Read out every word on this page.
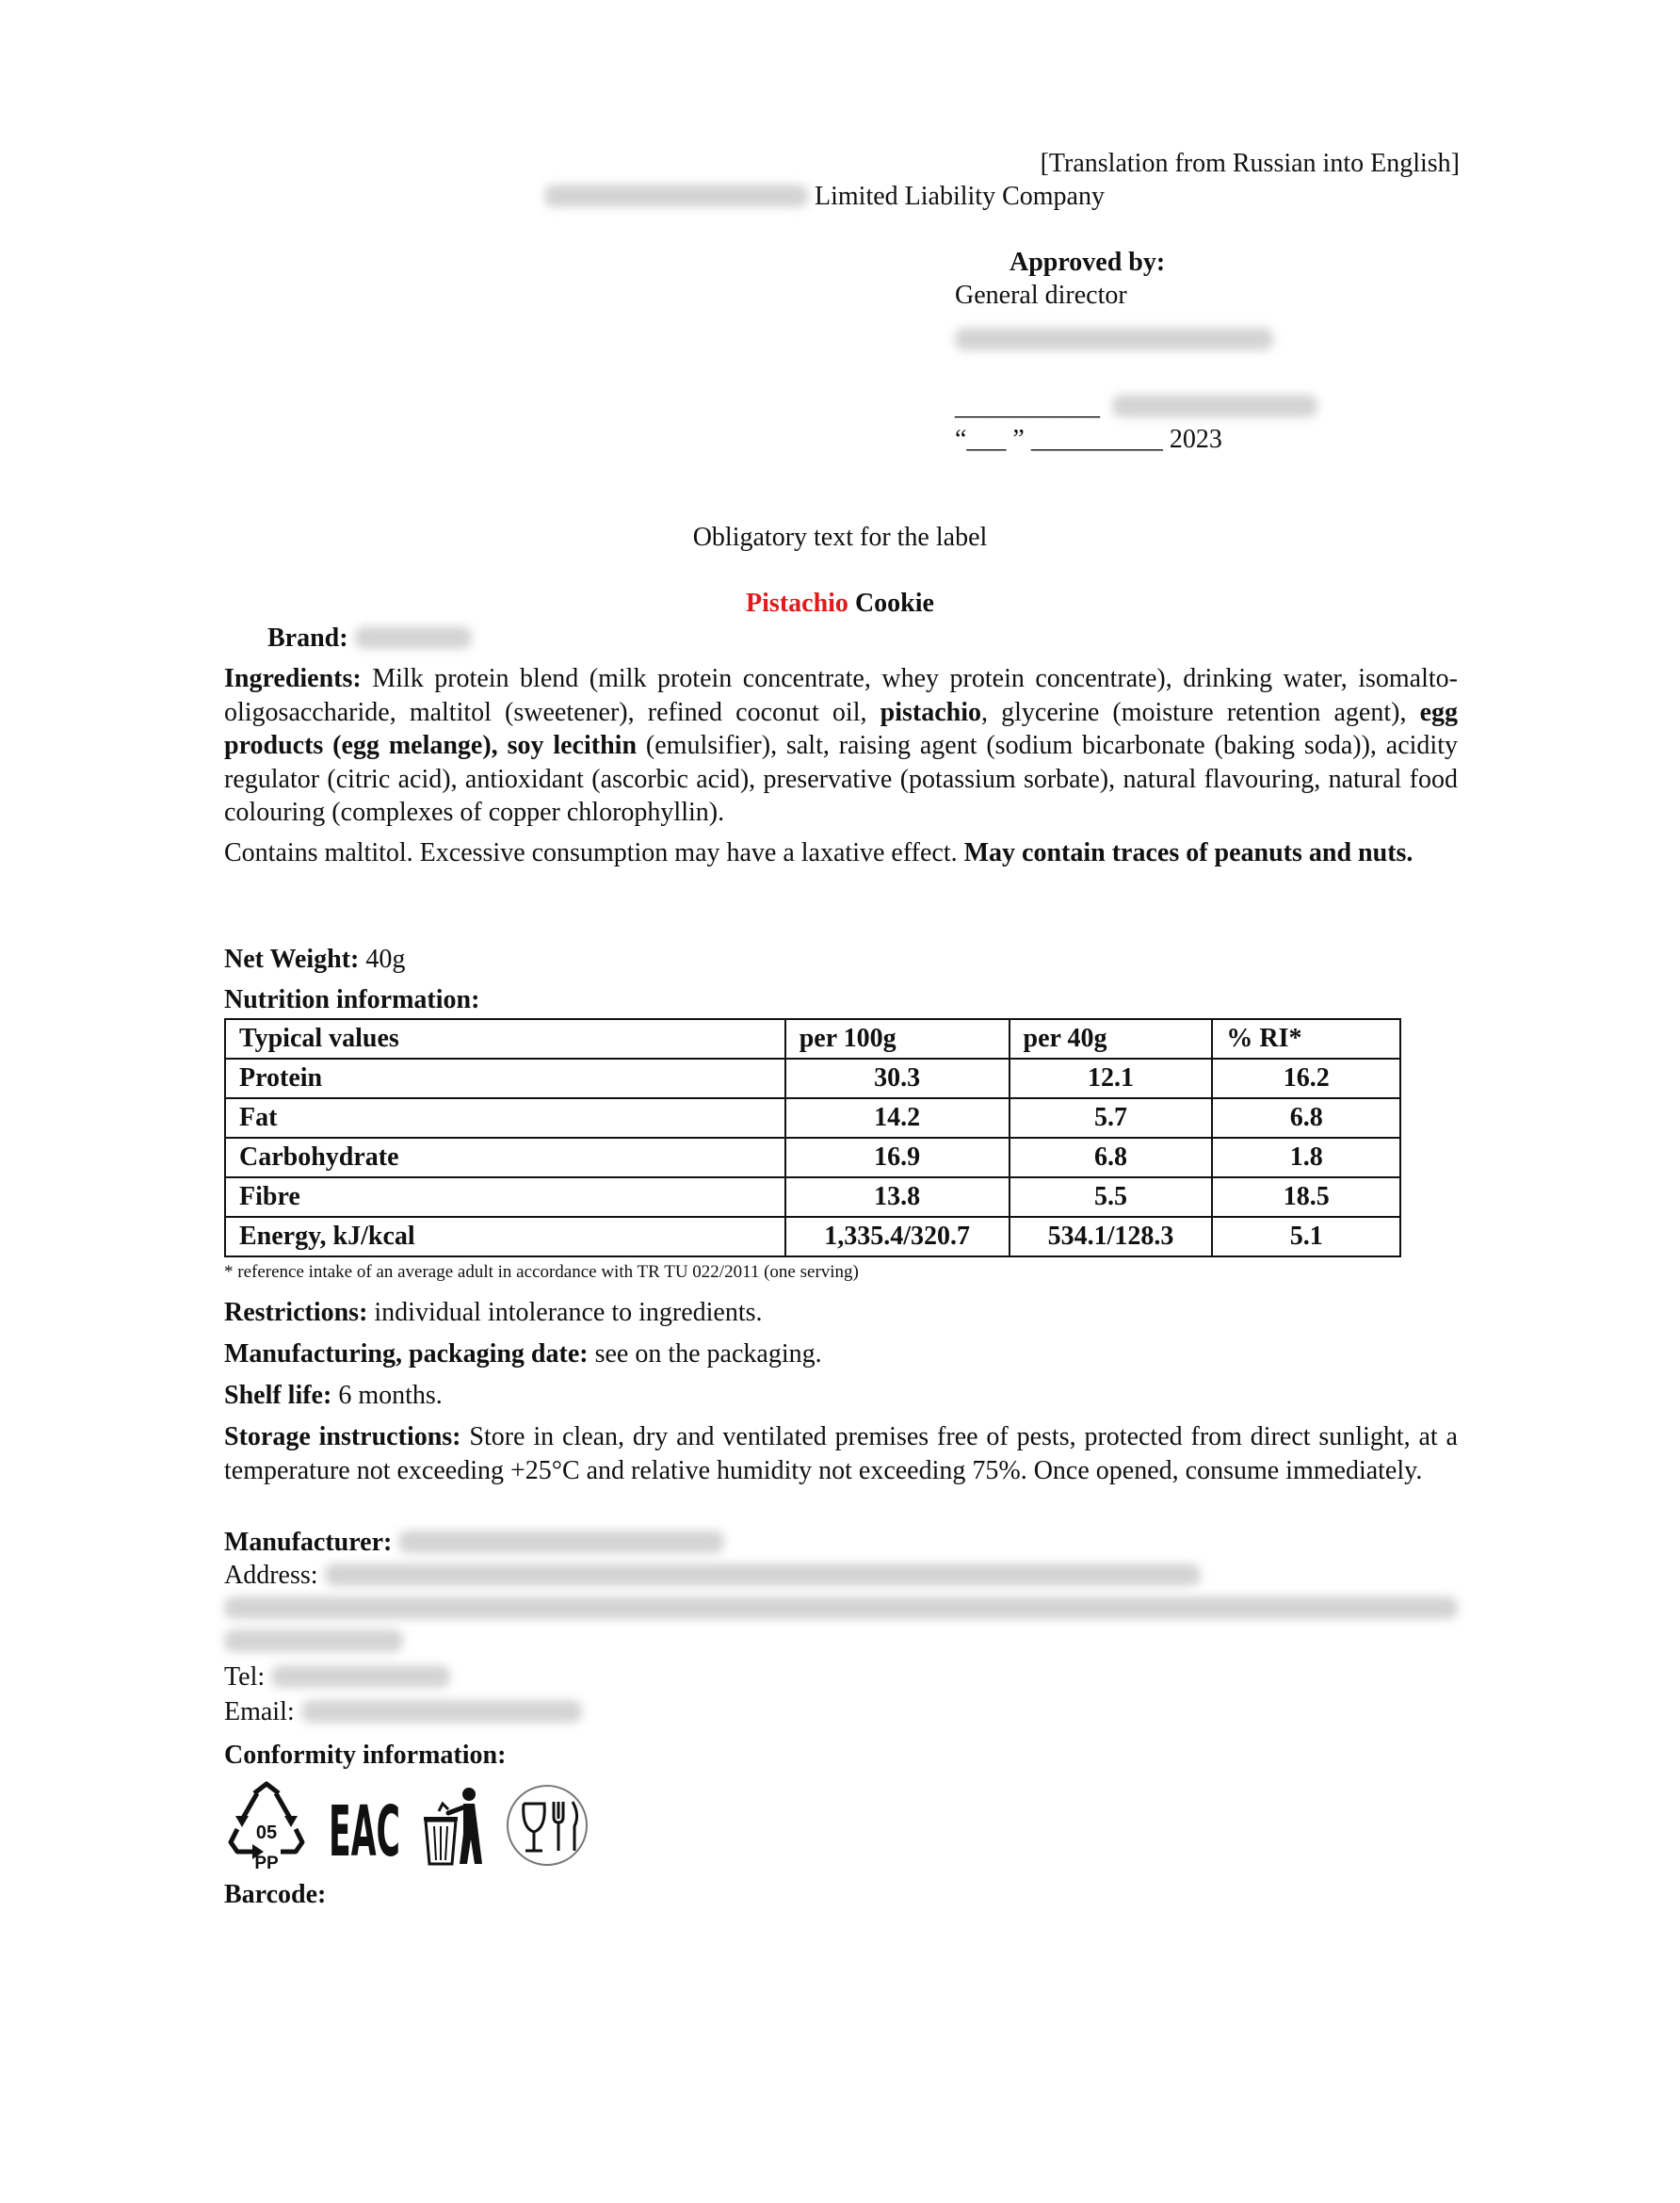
[Translation from Russian into English]
Limited Liability Company
Approved by:
General director
___________
“___ ” __________ 2023
Obligatory text for the label
Pistachio Cookie
Brand:

Ingredients: Milk protein blend (milk protein concentrate, whey protein concentrate), drinking water, isomalto-oligosaccharide, maltitol (sweetener), refined coconut oil, pistachio, glycerine (moisture retention agent), egg products (egg melange), soy lecithin (emulsifier), salt, raising agent (sodium bicarbonate (baking soda)), acidity regulator (citric acid), antioxidant (ascorbic acid), preservative (potassium sorbate), natural flavouring, natural food colouring (complexes of copper chlorophyllin).

Contains maltitol. Excessive consumption may have a laxative effect. May contain traces of peanuts and nuts.

Net Weight: 40g
Nutrition information:
Typical values	per 100g	per 40g	% RI*
Protein	30.3	12.1	16.2
Fat	14.2	5.7	6.8
Carbohydrate	16.9	6.8	1.8
Fibre	13.8	5.5	18.5
Energy, kJ/kcal	1,335.4/320.7	534.1/128.3	5.1
* reference intake of an average adult in accordance with TR TU 022/2011 (one serving)
Restrictions: individual intolerance to ingredients.
Manufacturing, packaging date: see on the packaging.
Shelf life: 6 months.

Storage instructions: Store in clean, dry and ventilated premises free of pests, protected from direct sunlight, at a temperature not exceeding +25°C and relative humidity not exceeding 75%. Once opened, consume immediately.

Manufacturer:
Address:
Tel:
Email:
Conformity information:
05
PP EAC
Barcode:
